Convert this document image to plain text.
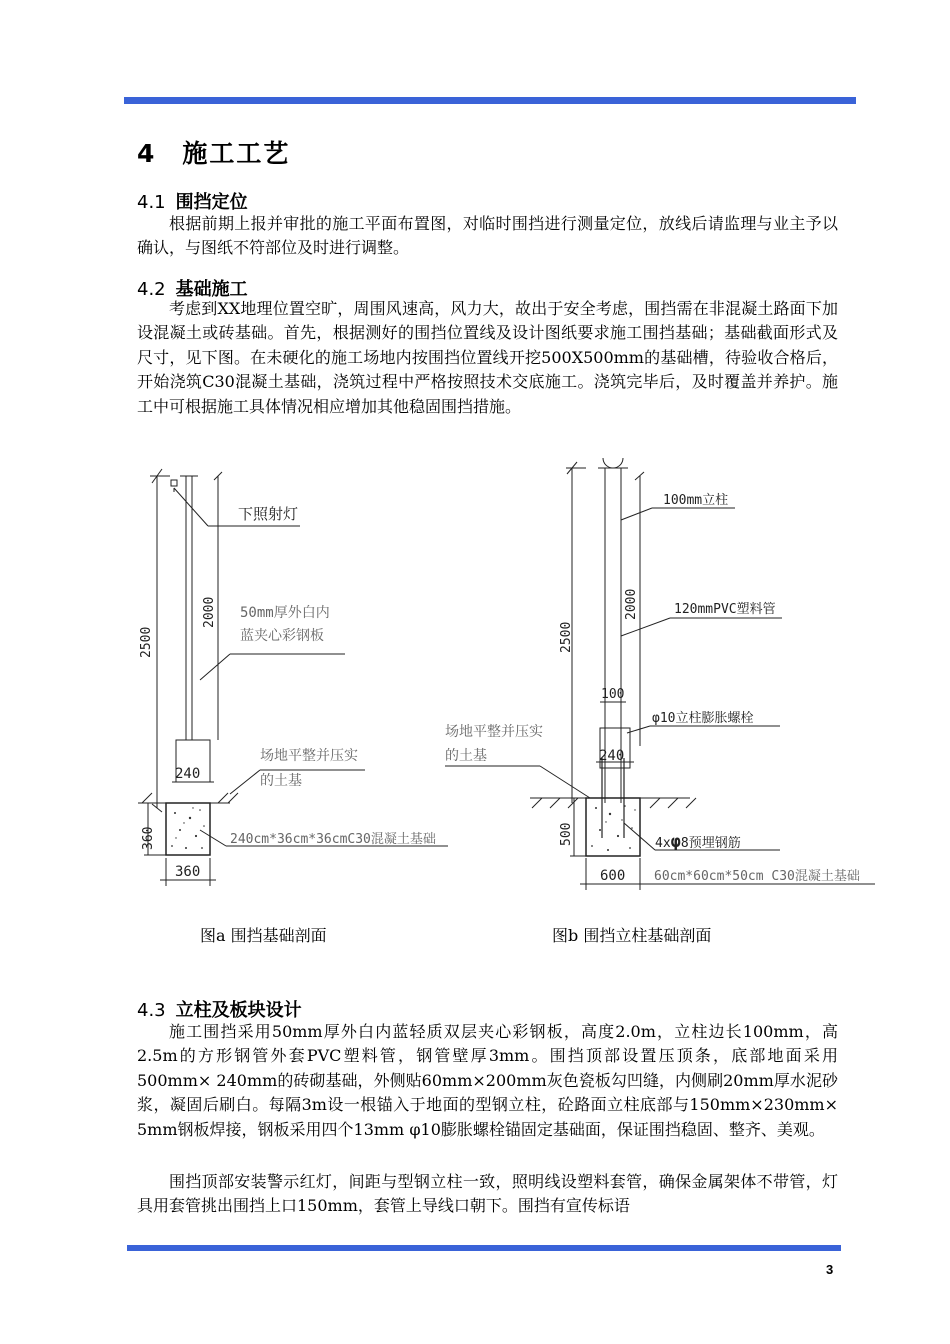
4 施工工艺
4.1 围挡定位

根据前期上报并审批的施工平面布置图，对临时围挡进行测量定位，放线后请监理与业主予以确认，与图纸不符部位及时进行调整。

4.2 基础施工

考虑到XX地理位置空旷，周围风速高，风力大，故出于安全考虑，围挡需在非混凝土路面下加设混凝土或砖基础。首先，根据测好的围挡位置线及设计图纸要求施工围挡基础；基础截面形式及尺寸，见下图。在未硬化的施工场地内按围挡位置线开挖500X500mm的基础槽，待验收合格后，开始浇筑C30混凝土基础，浇筑过程中严格按照技术交底施工。浇筑完毕后，及时覆盖并养护。施工中可根据施工具体情况相应增加其他稳固围挡措施。

2500
2000
下照射灯
50mm厚外白内
蓝夹心彩钢板
240
场地平整并压实
的土基
360	240cm*36cm*36cmC30混凝土基础
360
2500
2000
100mm立柱
120mmPVC塑料管
100
240
φ10立柱膨胀螺栓
场地平整并压实
的土基
500	4xφ8预埋钢筋
600 60cm*60cm*50cm C30混凝土基础
图a 围挡基础剖面	图b 围挡立柱基础剖面
4.3 立柱及板块设计

施工围挡采用50mm厚外白内蓝轻质双层夹心彩钢板，高度2.0m，立柱边长100mm，高2.5m的方形钢管外套PVC塑料管，钢管壁厚3mm。围挡顶部设置压顶条，底部地面采用500mm× 240mm的砖砌基础，外侧贴60mm×200mm灰色瓷板勾凹缝，内侧刷20mm厚水泥砂浆，凝固后刷白。每隔3m设一根锚入于地面的型钢立柱，砼路面立柱底部与150mm×230mm× 5mm钢板焊接，钢板采用四个13mm φ10膨胀螺栓锚固定基础面，保证围挡稳固、整齐、美观。

围挡顶部安装警示红灯，间距与型钢立柱一致，照明线设塑料套管，确保金属架体不带管，灯具用套管挑出围挡上口150mm，套管上导线口朝下。围挡有宣传标语

3
